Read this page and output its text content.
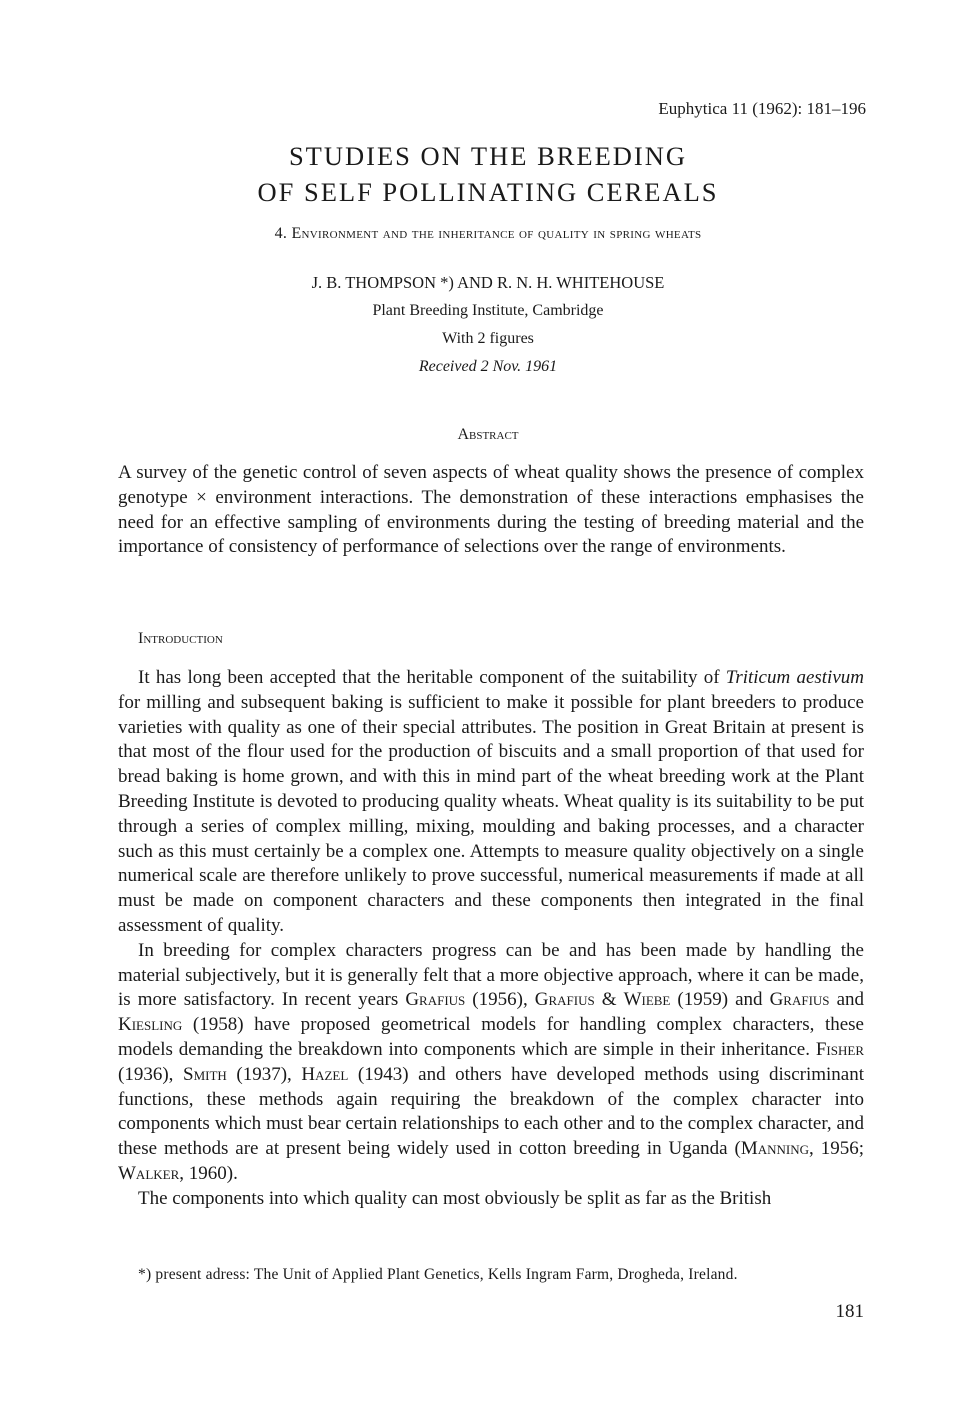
Euphytica 11 (1962): 181–196
STUDIES ON THE BREEDING
OF SELF POLLINATING CEREALS
4. Environment and the inheritance of quality in spring wheats
J. B. THOMPSON *) AND R. N. H. WHITEHOUSE
Plant Breeding Institute, Cambridge
With 2 figures
Received 2 Nov. 1961
Abstract

A survey of the genetic control of seven aspects of wheat quality shows the presence of complex genotype × environment interactions. The demonstration of these interactions emphasises the need for an effective sampling of environments during the testing of breeding material and the importance of consistency of performance of selections over the range of environments.

Introduction

It has long been accepted that the heritable component of the suitability of Triticum aestivum for milling and subsequent baking is sufficient to make it possible for plant breeders to produce varieties with quality as one of their special attributes. The position in Great Britain at present is that most of the flour used for the production of biscuits and a small proportion of that used for bread baking is home grown, and with this in mind part of the wheat breeding work at the Plant Breeding Institute is devoted to producing quality wheats. Wheat quality is its suitability to be put through a series of complex milling, mixing, moulding and baking processes, and a character such as this must certainly be a complex one. Attempts to measure quality objectively on a single numerical scale are therefore unlikely to prove successful, numerical measurements if made at all must be made on component characters and these components then integrated in the final assessment of quality.

In breeding for complex characters progress can be and has been made by handling the material subjectively, but it is generally felt that a more objective approach, where it can be made, is more satisfactory. In recent years Grafius (1956), Grafius & Wiebe (1959) and Grafius and Kiesling (1958) have proposed geometrical models for handling complex characters, these models demanding the breakdown into components which are simple in their inheritance. Fisher (1936), Smith (1937), Hazel (1943) and others have developed methods using discriminant functions, these methods again requiring the breakdown of the complex character into components which must bear certain relationships to each other and to the complex character, and these methods are at present being widely used in cotton breeding in Uganda (Manning, 1956; Walker, 1960).

The components into which quality can most obviously be split as far as the British

*) present adress: The Unit of Applied Plant Genetics, Kells Ingram Farm, Drogheda, Ireland.
181
